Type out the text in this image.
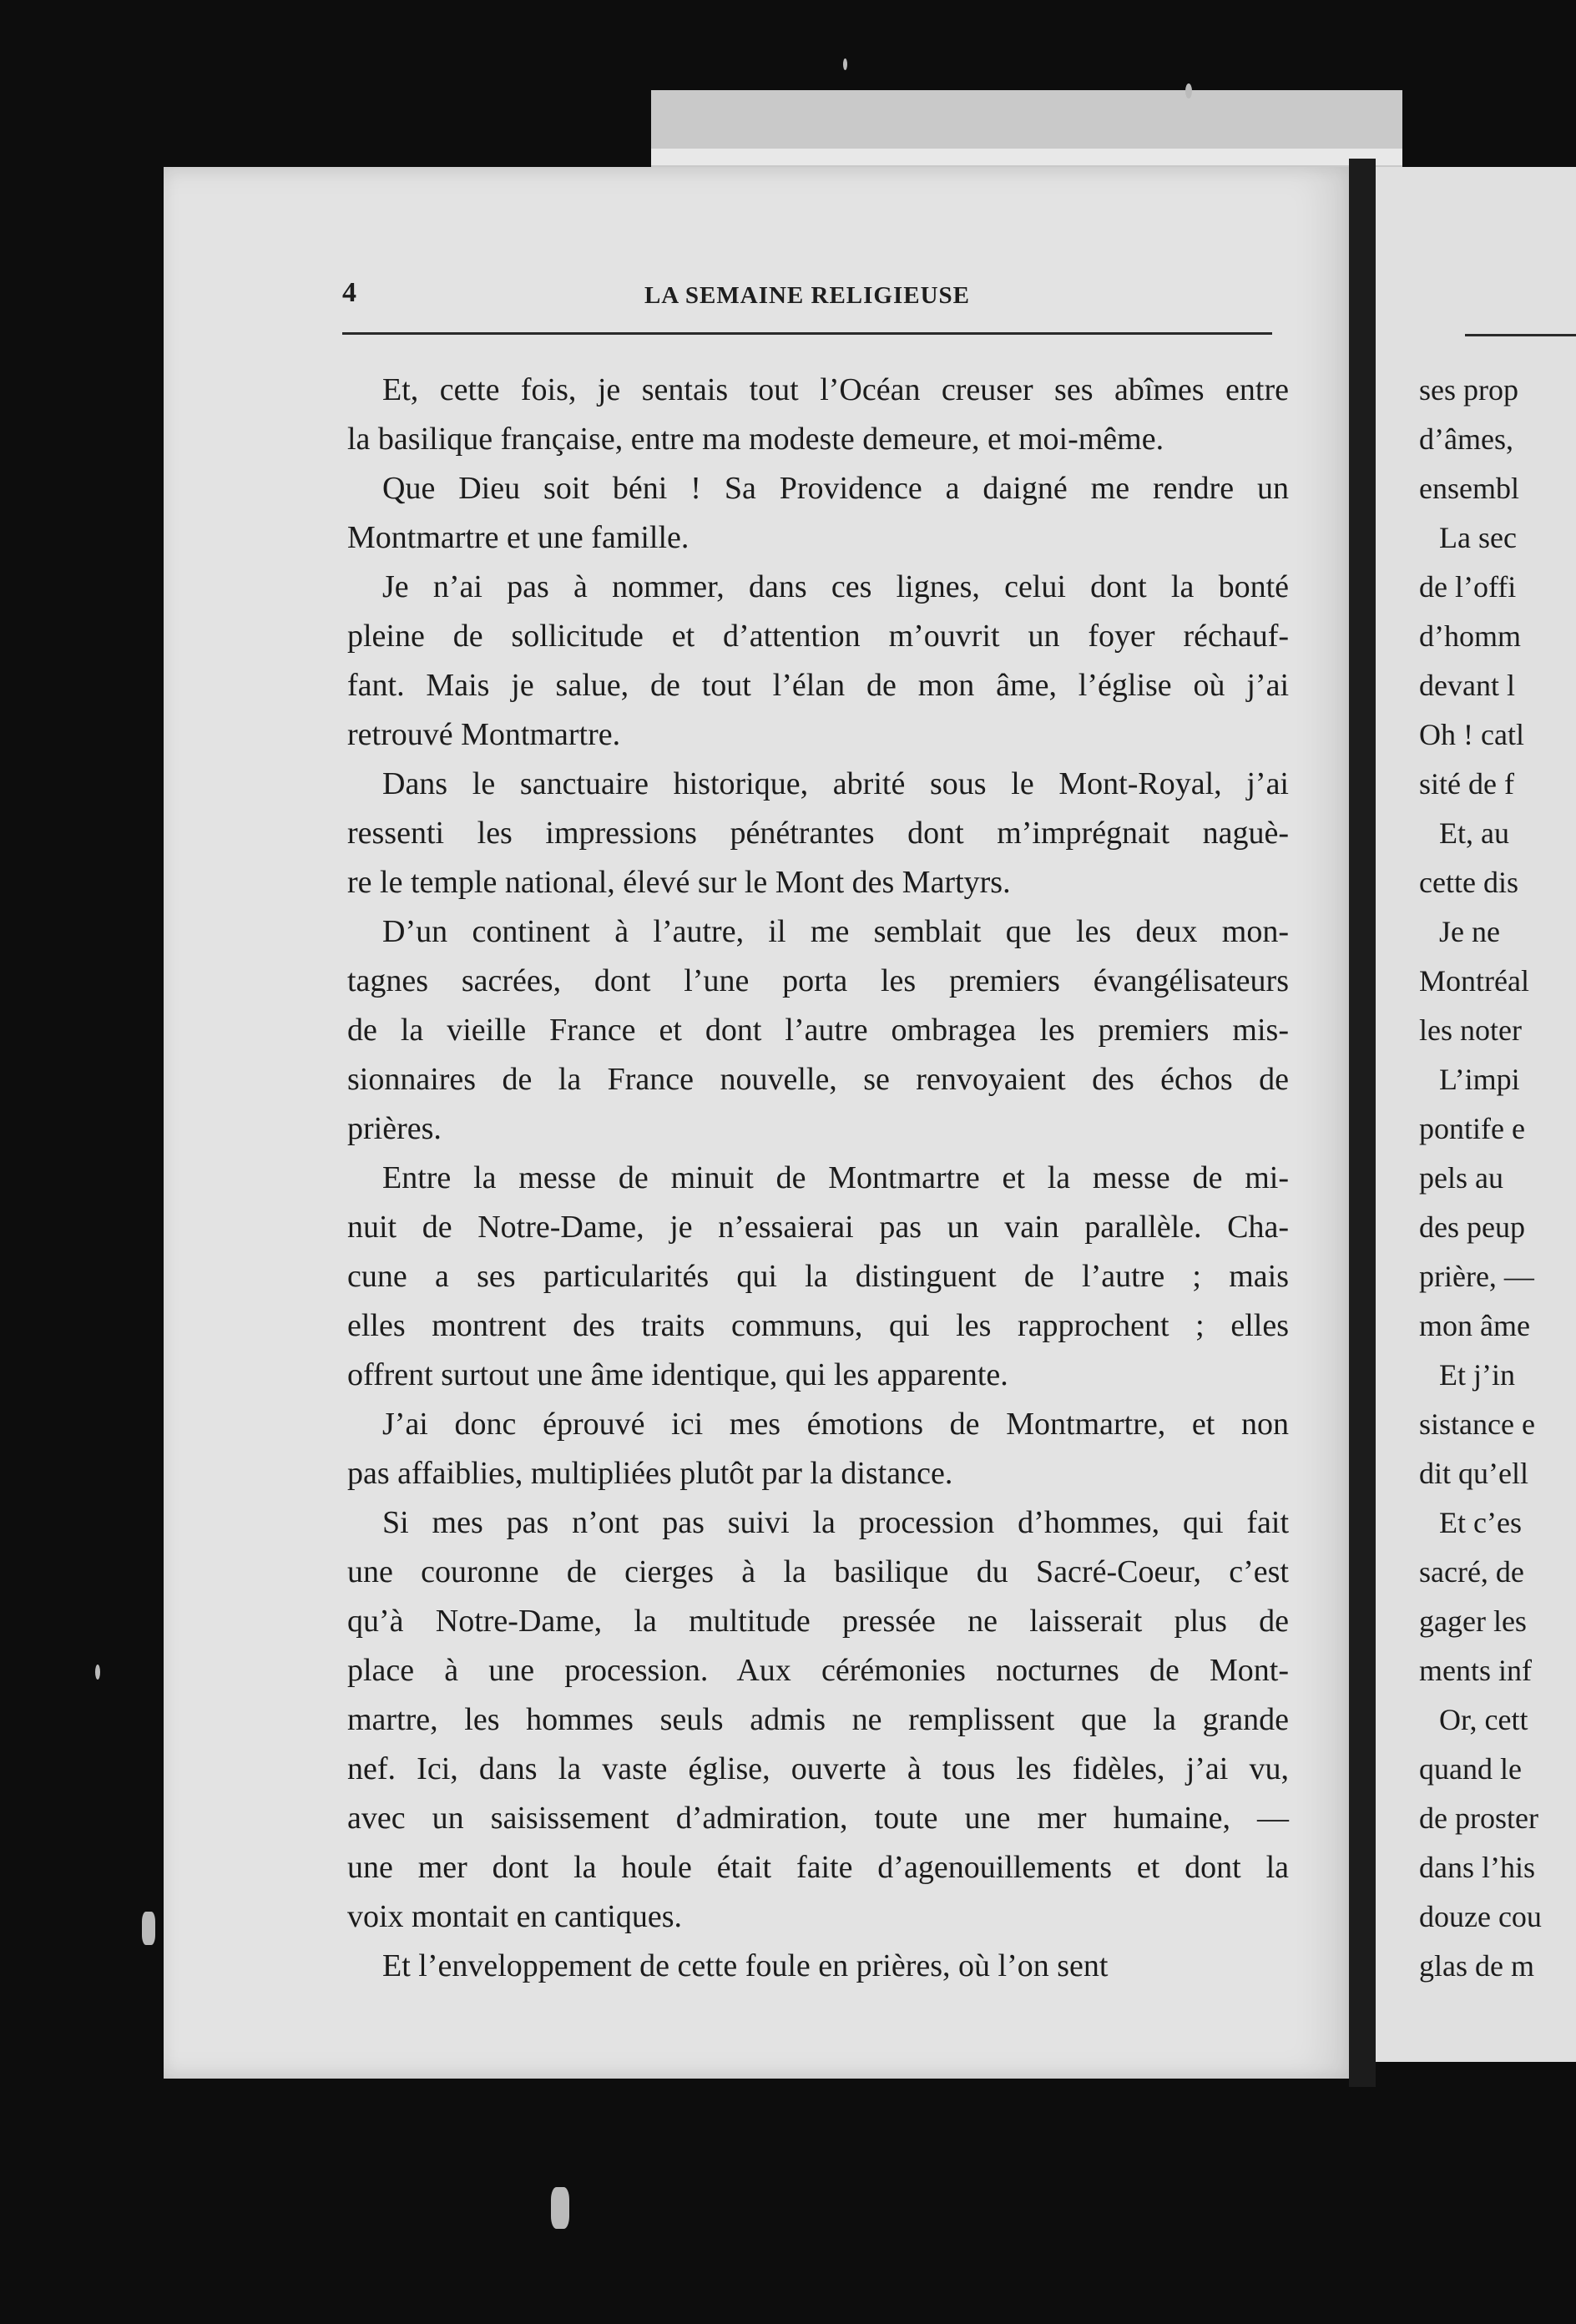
4	LA SEMAINE RELIGIEUSE
Et, cette fois, je sentais tout l’Océan creuser ses abîmes entre
la basilique française, entre ma modeste demeure, et moi-même.
Que Dieu soit béni ! Sa Providence a daigné me rendre un
Montmartre et une famille.
Je n’ai pas à nommer, dans ces lignes, celui dont la bonté
pleine de sollicitude et d’attention m’ouvrit un foyer réchauf-
fant. Mais je salue, de tout l’élan de mon âme, l’église où j’ai
retrouvé Montmartre.
Dans le sanctuaire historique, abrité sous le Mont-Royal, j’ai
ressenti les impressions pénétrantes dont m’imprégnait naguè-
re le temple national, élevé sur le Mont des Martyrs.
D’un continent à l’autre, il me semblait que les deux mon-
tagnes sacrées, dont l’une porta les premiers évangélisateurs
de la vieille France et dont l’autre ombragea les premiers mis-
sionnaires de la France nouvelle, se renvoyaient des échos de
prières.
Entre la messe de minuit de Montmartre et la messe de mi-
nuit de Notre-Dame, je n’essaierai pas un vain parallèle. Cha-
cune a ses particularités qui la distinguent de l’autre ; mais
elles montrent des traits communs, qui les rapprochent ; elles
offrent surtout une âme identique, qui les apparente.
J’ai donc éprouvé ici mes émotions de Montmartre, et non
pas affaiblies, multipliées plutôt par la distance.
Si mes pas n’ont pas suivi la procession d’hommes, qui fait
une couronne de cierges à la basilique du Sacré-Coeur, c’est
qu’à Notre-Dame, la multitude pressée ne laisserait plus de
place à une procession. Aux cérémonies nocturnes de Mont-
martre, les hommes seuls admis ne remplissent que la grande
nef. Ici, dans la vaste église, ouverte à tous les fidèles, j’ai vu,
avec un saisissement d’admiration, toute une mer humaine, —
une mer dont la houle était faite d’agenouillements et dont la
voix montait en cantiques.
Et l’enveloppement de cette foule en prières, où l’on sent
ses prop
d’âmes,
ensembl
La sec
de l’offi
d’homm
devant l
Oh ! catl
sité de f
Et, au
cette dis
Je ne
Montréal
les noter
L’impi
pontife e
pels au
des peup
prière, —
mon âme
Et j’in
sistance e
dit qu’ell
Et c’es
sacré, de
gager les
ments inf
Or, cett
quand le
de proster
dans l’his
douze cou
glas de m
